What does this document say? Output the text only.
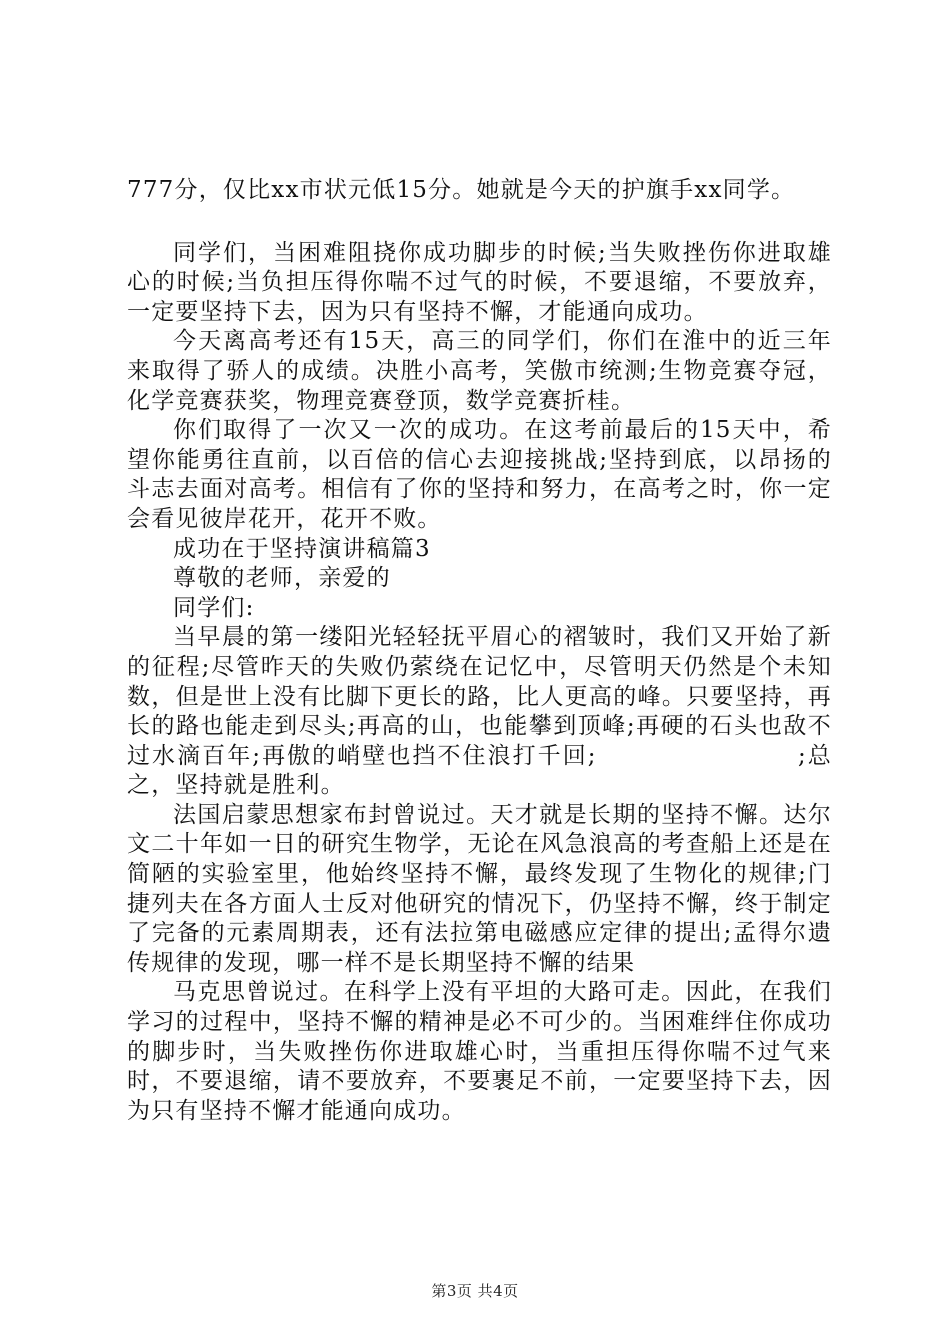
777分，仅比xx市状元低15分。她就是今天的护旗手xx同学。

同学们，当困难阻挠你成功脚步的时候;当失败挫伤你进取雄心的时候;当负担压得你喘不过气的时候，不要退缩，不要放弃，一定要坚持下去，因为只有坚持不懈，才能通向成功。

今天离高考还有15天，高三的同学们，你们在淮中的近三年来取得了骄人的成绩。决胜小高考，笑傲市统测;生物竞赛夺冠，化学竞赛获奖，物理竞赛登顶，数学竞赛折桂。

你们取得了一次又一次的成功。在这考前最后的15天中，希望你能勇往直前，以百倍的信心去迎接挑战;坚持到底，以昂扬的斗志去面对高考。相信有了你的坚持和努力，在高考之时，你一定会看见彼岸花开，花开不败。

成功在于坚持演讲稿篇3

尊敬的老师，亲爱的

同学们:

当早晨的第一缕阳光轻轻抚平眉心的褶皱时，我们又开始了新的征程;尽管昨天的失败仍萦绕在记忆中，尽管明天仍然是个未知数，但是世上没有比脚下更长的路，比人更高的峰。只要坚持，再长的路也能走到尽头;再高的山，也能攀到顶峰;再硬的石头也敌不过水滴百年;再傲的峭壁也挡不住浪打千回;　　　　　　　　;总之，坚持就是胜利。

法国启蒙思想家布封曾说过。天才就是长期的坚持不懈。达尔文二十年如一日的研究生物学，无论在风急浪高的考查船上还是在简陋的实验室里，他始终坚持不懈，最终发现了生物化的规律;门捷列夫在各方面人士反对他研究的情况下，仍坚持不懈，终于制定了完备的元素周期表，还有法拉第电磁感应定律的提出;孟得尔遗传规律的发现，哪一样不是长期坚持不懈的结果

马克思曾说过。在科学上没有平坦的大路可走。因此，在我们学习的过程中，坚持不懈的精神是必不可少的。当困难绊住你成功的脚步时，当失败挫伤你进取雄心时，当重担压得你喘不过气来时，不要退缩，请不要放弃，不要裹足不前，一定要坚持下去，因为只有坚持不懈才能通向成功。

第3页 共4页
